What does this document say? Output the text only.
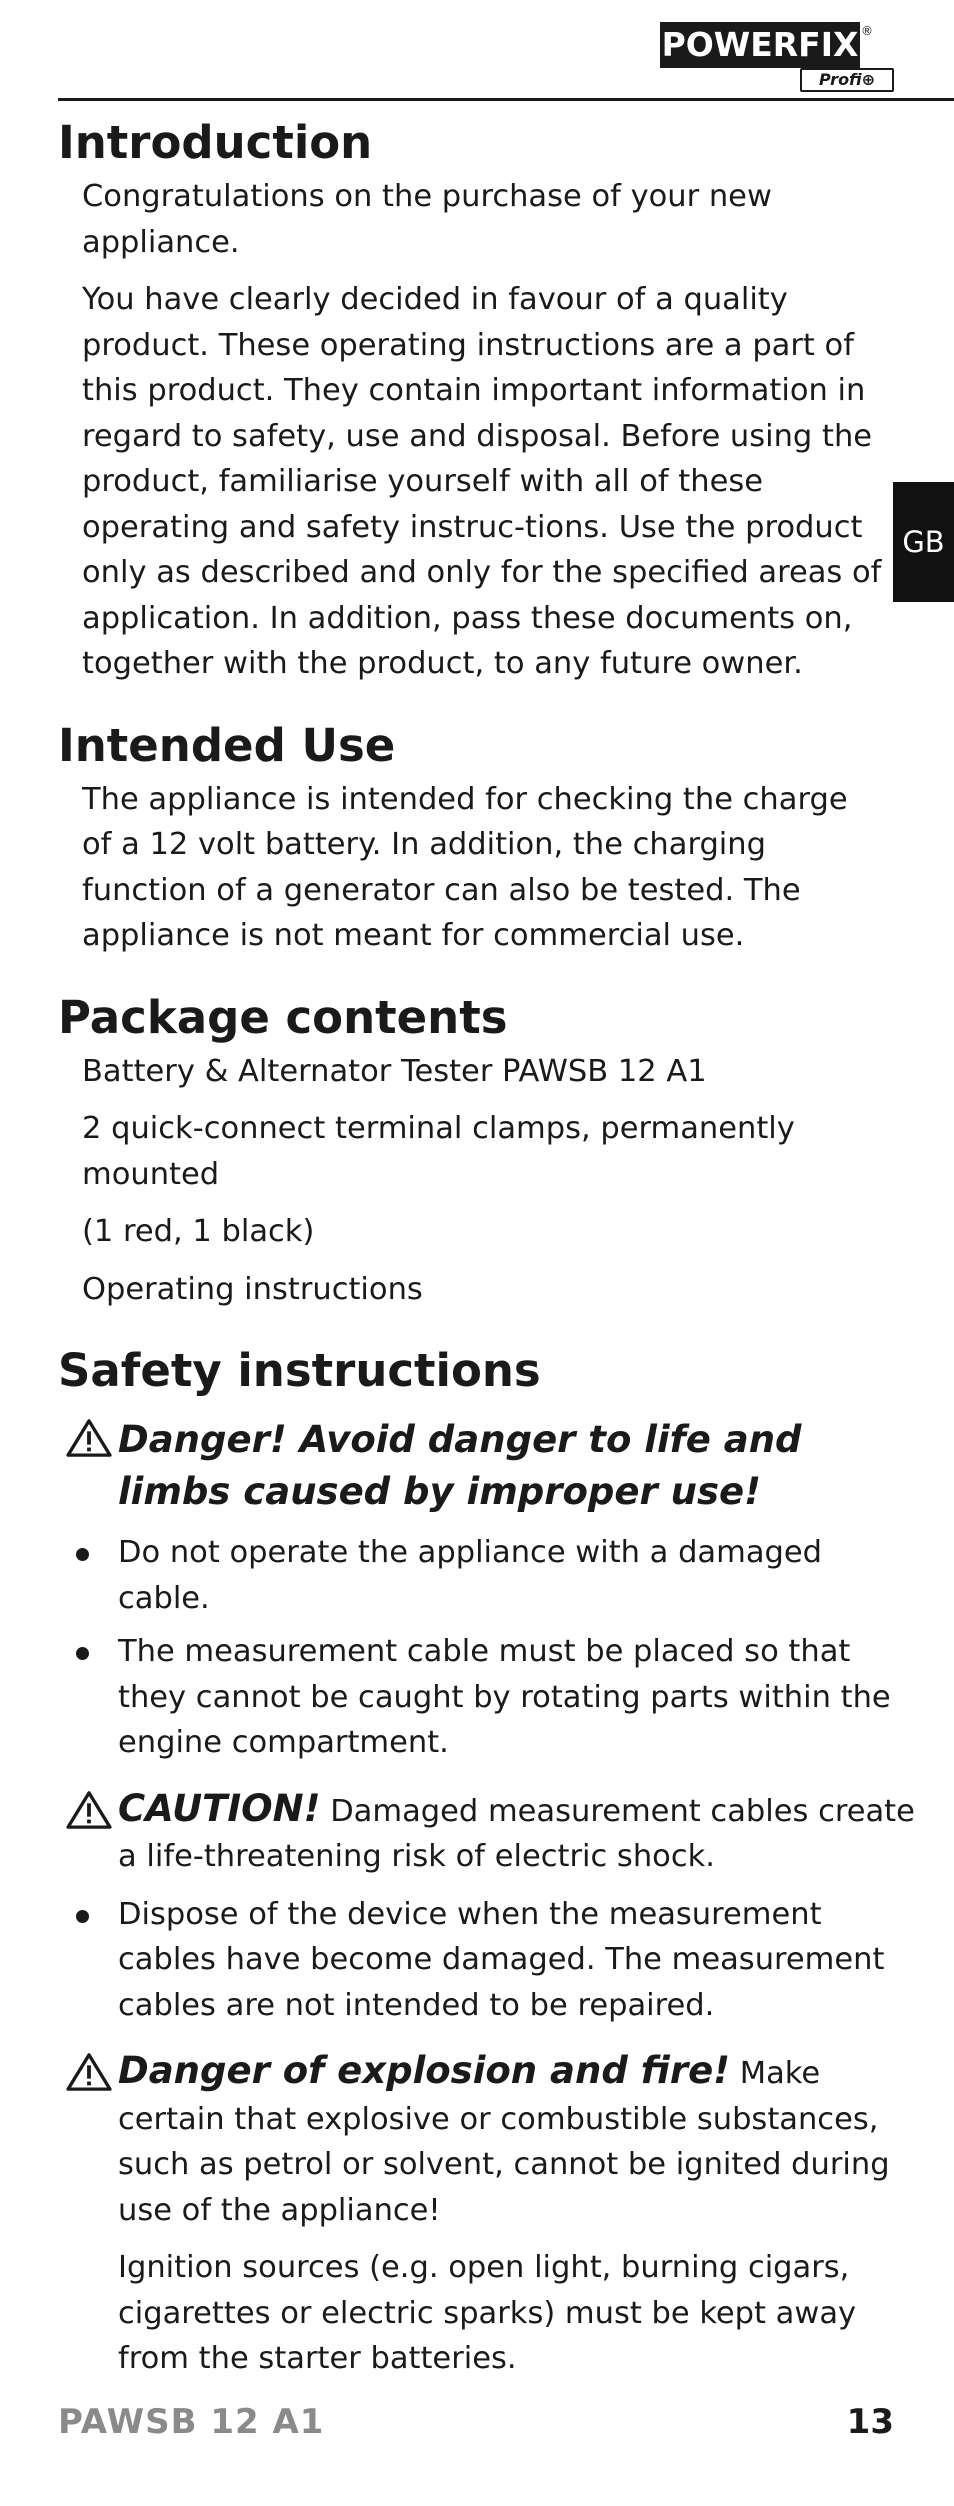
POWERFIX ®
Profi⊕
GB
Introduction

Congratulations on the purchase of your new appliance.

You have clearly decided in favour of a quality product. These operating instructions are a part of this product. They contain important information in regard to safety, use and disposal. Before using the product, familiarise yourself with all of these operating and safety instruc-tions. Use the product only as described and only for the specified areas of application. In addition, pass these documents on, together with the product, to any future owner.

Intended Use

The appliance is intended for checking the charge of a 12 volt battery. In addition, the charging function of a generator can also be tested. The appliance is not meant for commercial use.

Package contents

Battery & Alternator Tester PAWSB 12 A1

2 quick-connect terminal clamps, permanently mounted

(1 red, 1 black)

Operating instructions

Safety instructions
Danger! Avoid danger to life and limbs caused by improper use!
Do not operate the appliance with a damaged cable.
The measurement cable must be placed so that they cannot be caught by rotating parts within the engine compartment.
CAUTION! Damaged measurement cables create a life-threatening risk of electric shock.
Dispose of the device when the measurement cables have become damaged. The measurement cables are not intended to be repaired.
Danger of explosion and fire! Make certain that explosive or combustible substances, such as petrol or solvent, cannot be ignited during use of the appliance!

Ignition sources (e.g. open light, burning cigars, cigarettes or electric sparks) must be kept away from the starter batteries.

PAWSB 12 A1	13
